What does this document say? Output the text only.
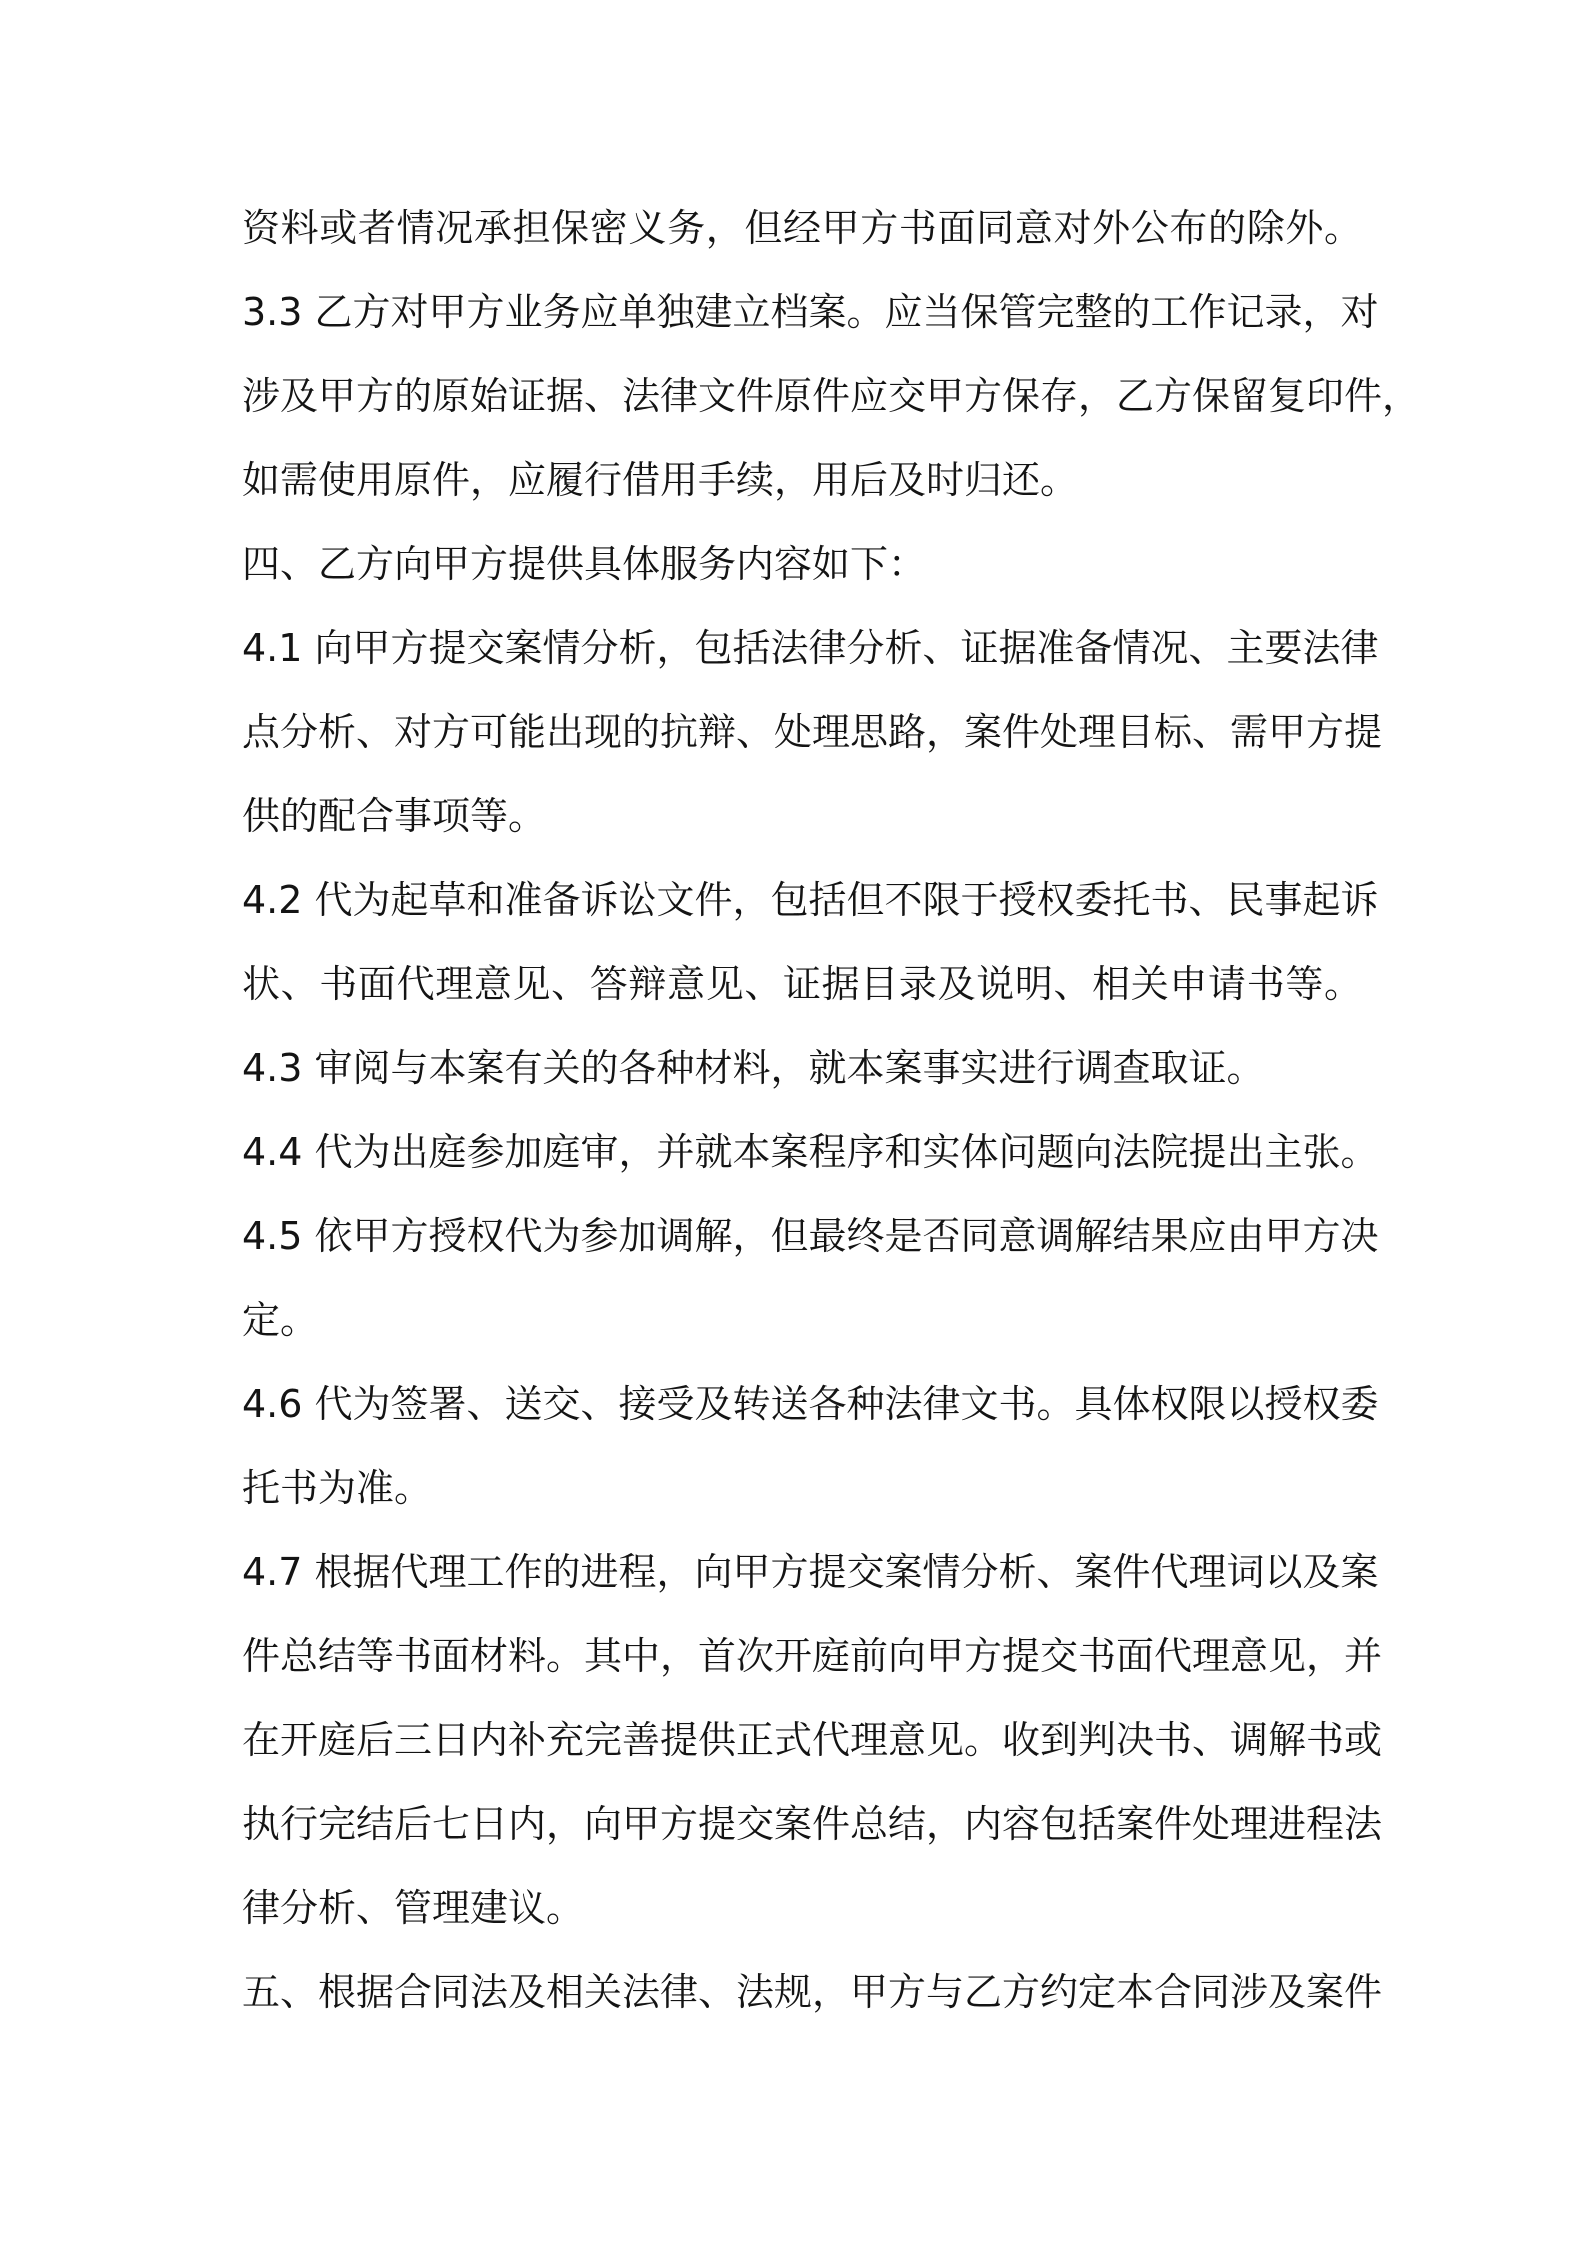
资料或者情况承担保密义务，但经甲方书面同意对外公布的除外。
3.3 乙方对甲方业务应单独建立档案。应当保管完整的工作记录，对
涉及甲方的原始证据、法律文件原件应交甲方保存，乙方保留复印件，
如需使用原件，应履行借用手续，用后及时归还。
四、乙方向甲方提供具体服务内容如下：
4.1 向甲方提交案情分析，包括法律分析、证据准备情况、主要法律
点分析、对方可能出现的抗辩、处理思路，案件处理目标、需甲方提
供的配合事项等。
4.2 代为起草和准备诉讼文件，包括但不限于授权委托书、民事起诉
状、书面代理意见、答辩意见、证据目录及说明、相关申请书等。
4.3 审阅与本案有关的各种材料，就本案事实进行调查取证。
4.4 代为出庭参加庭审，并就本案程序和实体问题向法院提出主张。
4.5 依甲方授权代为参加调解，但最终是否同意调解结果应由甲方决
定。
4.6 代为签署、送交、接受及转送各种法律文书。具体权限以授权委
托书为准。
4.7 根据代理工作的进程，向甲方提交案情分析、案件代理词以及案
件总结等书面材料。其中，首次开庭前向甲方提交书面代理意见，并
在开庭后三日内补充完善提供正式代理意见。收到判决书、调解书或
执行完结后七日内，向甲方提交案件总结，内容包括案件处理进程法
律分析、管理建议。
五、根据合同法及相关法律、法规，甲方与乙方约定本合同涉及案件
